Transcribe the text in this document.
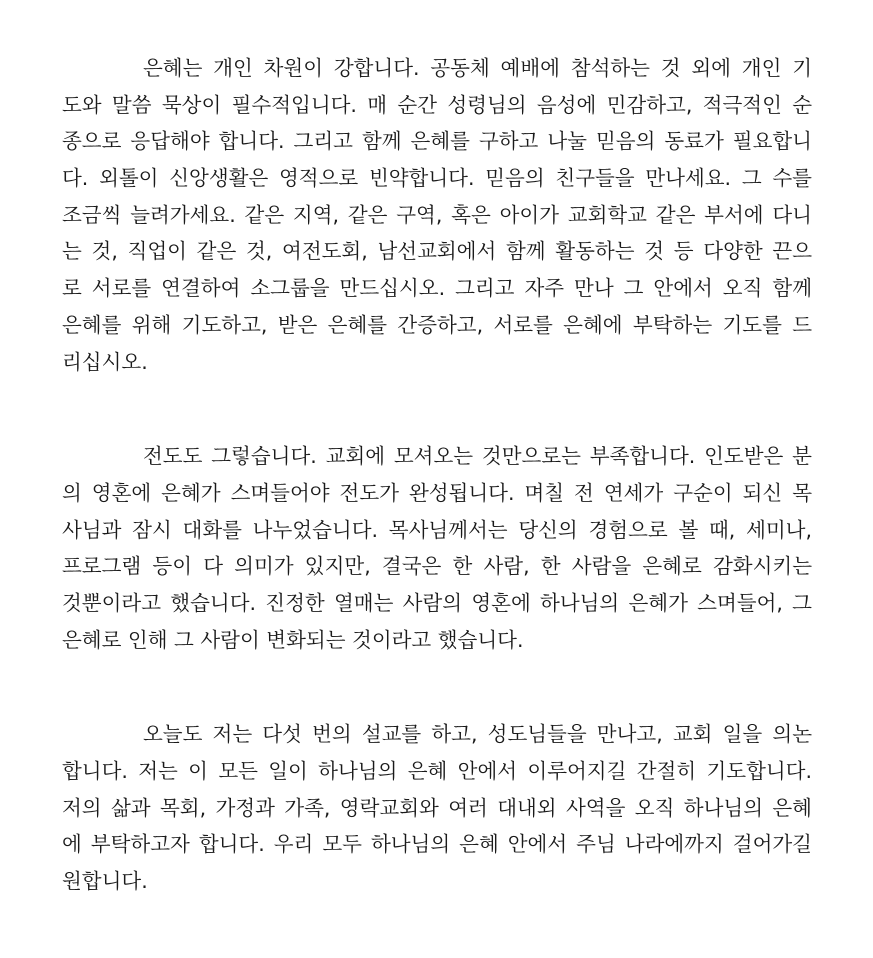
은혜는 개인 차원이 강합니다. 공동체 예배에 참석하는 것 외에 개인 기
도와 말씀 묵상이 필수적입니다. 매 순간 성령님의 음성에 민감하고, 적극적인 순
종으로 응답해야 합니다. 그리고 함께 은혜를 구하고 나눌 믿음의 동료가 필요합니
다. 외톨이 신앙생활은 영적으로 빈약합니다. 믿음의 친구들을 만나세요. 그 수를
조금씩 늘려가세요. 같은 지역, 같은 구역, 혹은 아이가 교회학교 같은 부서에 다니
는 것, 직업이 같은 것, 여전도회, 남선교회에서 함께 활동하는 것 등 다양한 끈으
로 서로를 연결하여 소그룹을 만드십시오. 그리고 자주 만나 그 안에서 오직 함께
은혜를 위해 기도하고, 받은 은혜를 간증하고, 서로를 은혜에 부탁하는 기도를 드
리십시오.
전도도 그렇습니다. 교회에 모셔오는 것만으로는 부족합니다. 인도받은 분
의 영혼에 은혜가 스며들어야 전도가 완성됩니다. 며칠 전 연세가 구순이 되신 목
사님과 잠시 대화를 나누었습니다. 목사님께서는 당신의 경험으로 볼 때, 세미나,
프로그램 등이 다 의미가 있지만, 결국은 한 사람, 한 사람을 은혜로 감화시키는
것뿐이라고 했습니다. 진정한 열매는 사람의 영혼에 하나님의 은혜가 스며들어, 그
은혜로 인해 그 사람이 변화되는 것이라고 했습니다.
오늘도 저는 다섯 번의 설교를 하고, 성도님들을 만나고, 교회 일을 의논
합니다. 저는 이 모든 일이 하나님의 은혜 안에서 이루어지길 간절히 기도합니다.
저의 삶과 목회, 가정과 가족, 영락교회와 여러 대내외 사역을 오직 하나님의 은혜
에 부탁하고자 합니다. 우리 모두 하나님의 은혜 안에서 주님 나라에까지 걸어가길
원합니다.
